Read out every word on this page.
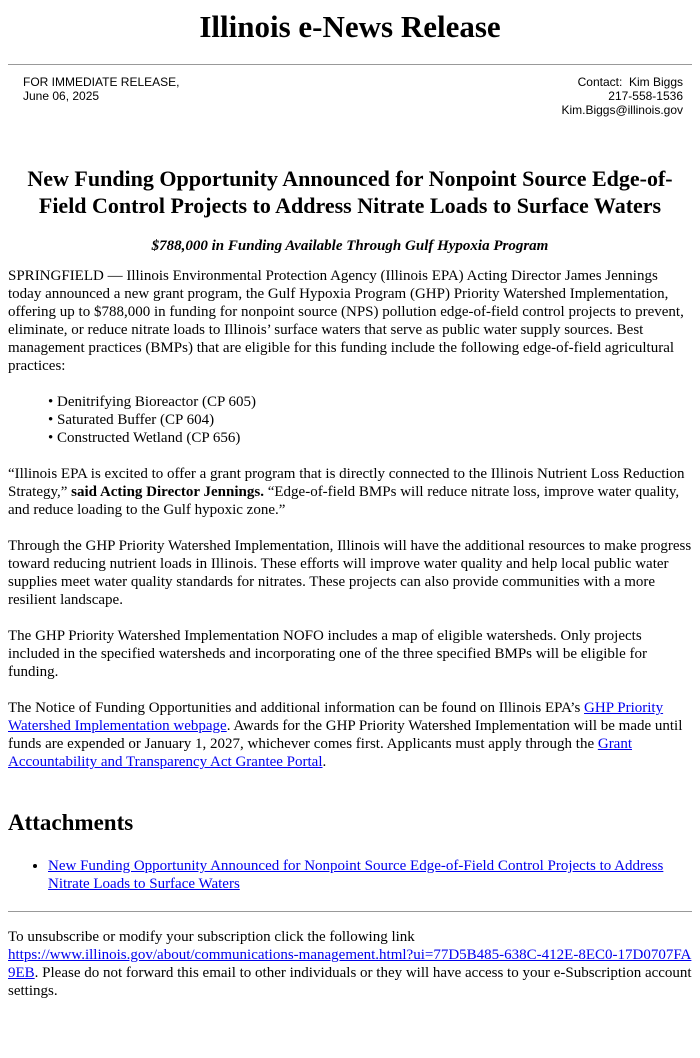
Illinois e-News Release
FOR IMMEDIATE RELEASE,
June 06, 2025
Contact:  Kim Biggs
217-558-1536
Kim.Biggs@illinois.gov
New Funding Opportunity Announced for Nonpoint Source Edge-of-Field Control Projects to Address Nitrate Loads to Surface Waters
$788,000 in Funding Available Through Gulf Hypoxia Program
SPRINGFIELD — Illinois Environmental Protection Agency (Illinois EPA) Acting Director James Jennings today announced a new grant program, the Gulf Hypoxia Program (GHP) Priority Watershed Implementation, offering up to $788,000 in funding for nonpoint source (NPS) pollution edge-of-field control projects to prevent, eliminate, or reduce nitrate loads to Illinois’ surface waters that serve as public water supply sources. Best management practices (BMPs) that are eligible for this funding include the following edge-of-field agricultural practices:
• Denitrifying Bioreactor (CP 605)
• Saturated Buffer (CP 604)
• Constructed Wetland (CP 656)
“Illinois EPA is excited to offer a grant program that is directly connected to the Illinois Nutrient Loss Reduction Strategy,” said Acting Director Jennings. “Edge-of-field BMPs will reduce nitrate loss, improve water quality, and reduce loading to the Gulf hypoxic zone.”
Through the GHP Priority Watershed Implementation, Illinois will have the additional resources to make progress toward reducing nutrient loads in Illinois. These efforts will improve water quality and help local public water supplies meet water quality standards for nitrates. These projects can also provide communities with a more resilient landscape.
The GHP Priority Watershed Implementation NOFO includes a map of eligible watersheds. Only projects included in the specified watersheds and incorporating one of the three specified BMPs will be eligible for funding.
The Notice of Funding Opportunities and additional information can be found on Illinois EPA’s GHP Priority Watershed Implementation webpage. Awards for the GHP Priority Watershed Implementation will be made until funds are expended or January 1, 2027, whichever comes first. Applicants must apply through the Grant Accountability and Transparency Act Grantee Portal.
Attachments
• New Funding Opportunity Announced for Nonpoint Source Edge-of-Field Control Projects to Address Nitrate Loads to Surface Waters
To unsubscribe or modify your subscription click the following link
https://www.illinois.gov/about/communications-management.html?ui=77D5B485-638C-412E-8EC0-17D0707FA9EB. Please do not forward this email to other individuals or they will have access to your e-Subscription account settings.
